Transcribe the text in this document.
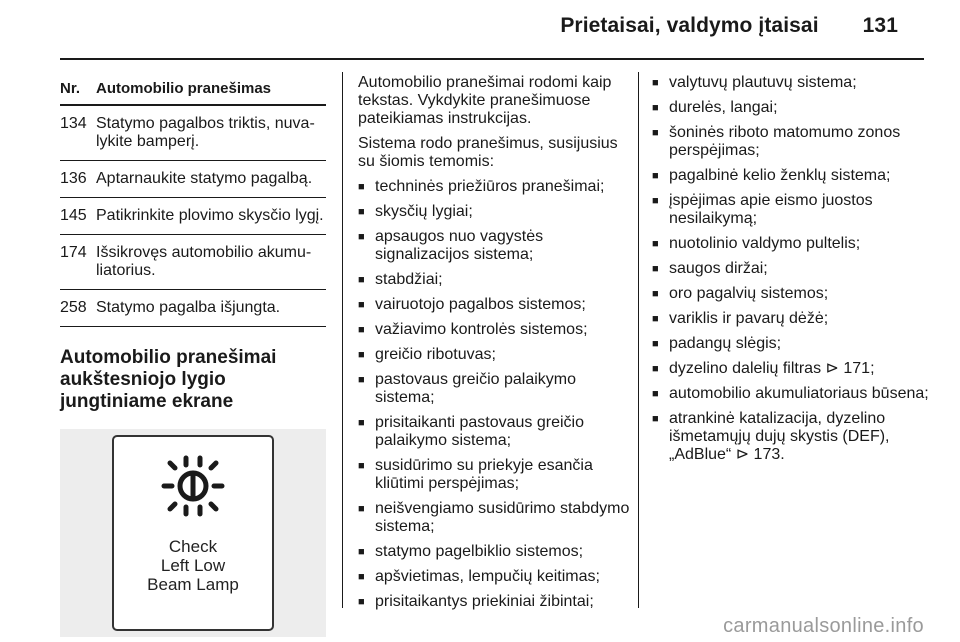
Prietaisai, valdymo įtaisai 131
Nr.	Automobilio pranešimas
134 Statymo pagalbos triktis, nuvalykite bamperį.
136 Aptarnaukite statymo pagalbą.
145 Patikrinkite plovimo skysčio lygį.
174 Išsikrovęs automobilio akumuliatorius.
258 Statymo pagalba išjungta.
Automobilio pranešimai aukštesniojo lygio jungtiniame ekrane
Check
Left Low
Beam Lamp

Automobilio pranešimai rodomi kaip tekstas. Vykdykite pranešimuose pateikiamas instrukcijas.

Sistema rodo pranešimus, susijusius su šiomis temomis:

■ techninės priežiūros pranešimai;
■ skysčių lygiai;
■ apsaugos nuo vagystės signalizacijos sistema;
■ stabdžiai;
■ vairuotojo pagalbos sistemos;
■ važiavimo kontrolės sistemos;
■ greičio ribotuvas;
■ pastovaus greičio palaikymo sistema;
■ prisitaikanti pastovaus greičio palaikymo sistema;
■ susidūrimo su priekyje esančia kliūtimi perspėjimas;
■ neišvengiamo susidūrimo stabdymo sistema;
■ statymo pagelbiklio sistemos;
■ apšvietimas, lempučių keitimas;
■ prisitaikantys priekiniai žibintai;
■ valytuvų plautuvų sistema;
■ durelės, langai;
■ šoninės riboto matomumo zonos perspėjimas;
■ pagalbinė kelio ženklų sistema;
■ įspėjimas apie eismo juostos nesilaikymą;
■ nuotolinio valdymo pultelis;
■ saugos diržai;
■ oro pagalvių sistemos;
■ variklis ir pavarų dėžė;
■ padangų slėgis;
■ dyzelino dalelių filtras ⊳ 171;
■ automobilio akumuliatoriaus būsena;
■ atrankinė katalizacija, dyzelino išmetamųjų dujų skystis (DEF), „AdBlue“ ⊳ 173.
carmanualsonline.info
